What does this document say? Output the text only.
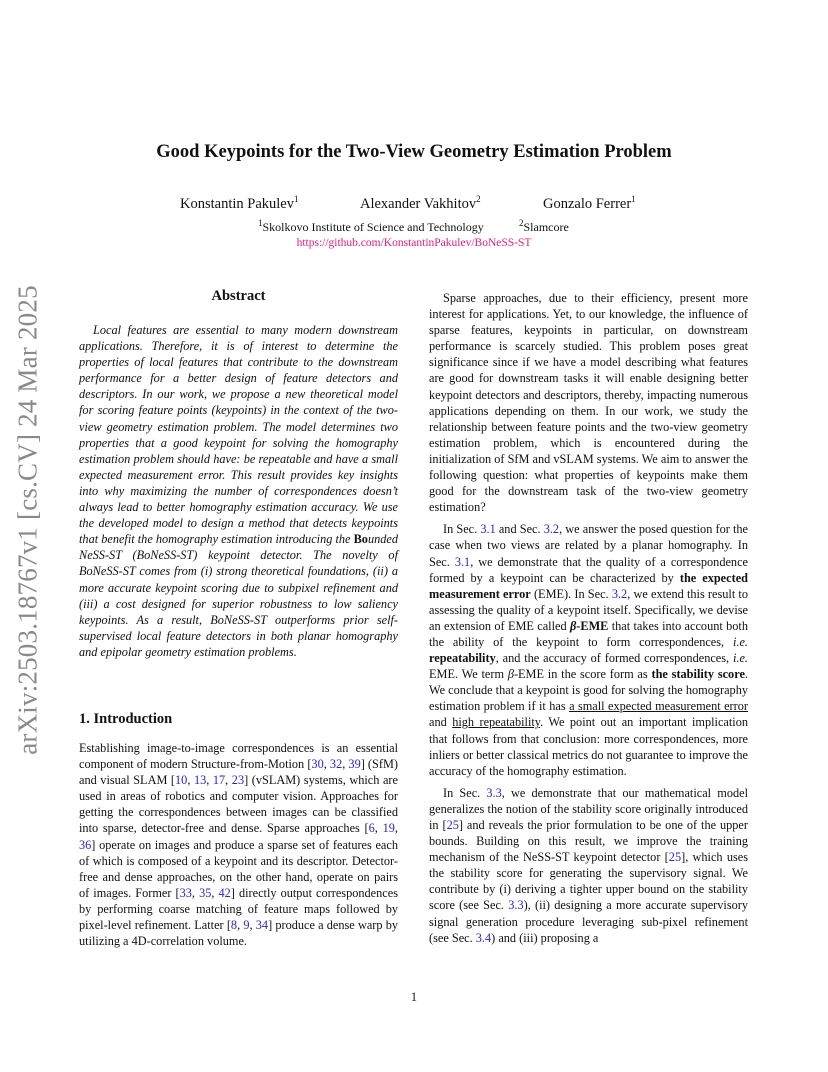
Good Keypoints for the Two-View Geometry Estimation Problem
Konstantin Pakulev$^1$	Alexander Vakhitov$^2$	Gonzalo Ferrer$^1$
$^1$Skolkovo Institute of Science and Technology	$^2$Slamcore
https://github.com/KonstantinPakulev/BoNeSS-ST
arXiv:2503.18767v1 [cs.CV] 24 Mar 2025	Abstract

Local features are essential to many modern downstream applications. Therefore, it is of interest to determine the properties of local features that contribute to the downstream performance for a better design of feature detectors and descriptors. In our work, we propose a new theoretical model for scoring feature points (keypoints) in the context of the two-view geometry estimation problem. The model determines two properties that a good keypoint for solving the homography estimation problem should have: be repeatable and have a small expected measurement error. This result provides key insights into why maximizing the number of correspondences doesn’t always lead to better homography estimation accuracy. We use the developed model to design a method that detects keypoints that benefit the homography estimation introducing the Bounded NeSS-ST (BoNeSS-ST) keypoint detector. The novelty of BoNeSS-ST comes from (i) strong theoretical foundations, (ii) a more accurate keypoint scoring due to subpixel refinement and (iii) a cost designed for superior robustness to low saliency keypoints. As a result, BoNeSS-ST outperforms prior self-supervised local feature detectors in both planar homography and epipolar geometry estimation problems.

1. Introduction

Establishing image-to-image correspondences is an essential component of modern Structure-from-Motion [30, 32, 39] (SfM) and visual SLAM [10, 13, 17, 23] (vSLAM) systems, which are used in areas of robotics and computer vision. Approaches for getting the correspondences between images can be classified into sparse, detector-free and dense. Sparse approaches [6, 19, 36] operate on images and produce a sparse set of features each of which is composed of a keypoint and its descriptor. Detector-free and dense approaches, on the other hand, operate on pairs of images. Former [33, 35, 42] directly output correspondences by performing coarse matching of feature maps followed by pixel-level refinement. Latter [8, 9, 34] produce a dense warp by utilizing a 4D-correlation volume.

Sparse approaches, due to their efficiency, present more interest for applications. Yet, to our knowledge, the influence of sparse features, keypoints in particular, on downstream performance is scarcely studied. This problem poses great significance since if we have a model describing what features are good for downstream tasks it will enable designing better keypoint detectors and descriptors, thereby, impacting numerous applications depending on them. In our work, we study the relationship between feature points and the two-view geometry estimation problem, which is encountered during the initialization of SfM and vSLAM systems. We aim to answer the following question: what properties of keypoints make them good for the downstream task of the two-view geometry estimation?

In Sec. 3.1 and Sec. 3.2, we answer the posed question for the case when two views are related by a planar homography. In Sec. 3.1, we demonstrate that the quality of a correspondence formed by a keypoint can be characterized by the expected measurement error (EME). In Sec. 3.2, we extend this result to assessing the quality of a keypoint itself. Specifically, we devise an extension of EME called β-EME that takes into account both the ability of the keypoint to form correspondences, i.e. repeatability, and the accuracy of formed correspondences, i.e. EME. We term β-EME in the score form as the stability score. We conclude that a keypoint is good for solving the homography estimation problem if it has a small expected measurement error and high repeatability. We point out an important implication that follows from that conclusion: more correspondences, more inliers or better classical metrics do not guarantee to improve the accuracy of the homography estimation.

In Sec. 3.3, we demonstrate that our mathematical model generalizes the notion of the stability score originally introduced in [25] and reveals the prior formulation to be one of the upper bounds. Building on this result, we improve the training mechanism of the NeSS-ST keypoint detector [25], which uses the stability score for generating the supervisory signal. We contribute by (i) deriving a tighter upper bound on the stability score (see Sec. 3.3), (ii) designing a more accurate supervisory signal generation procedure leveraging sub-pixel refinement (see Sec. 3.4) and (iii) proposing a

1
